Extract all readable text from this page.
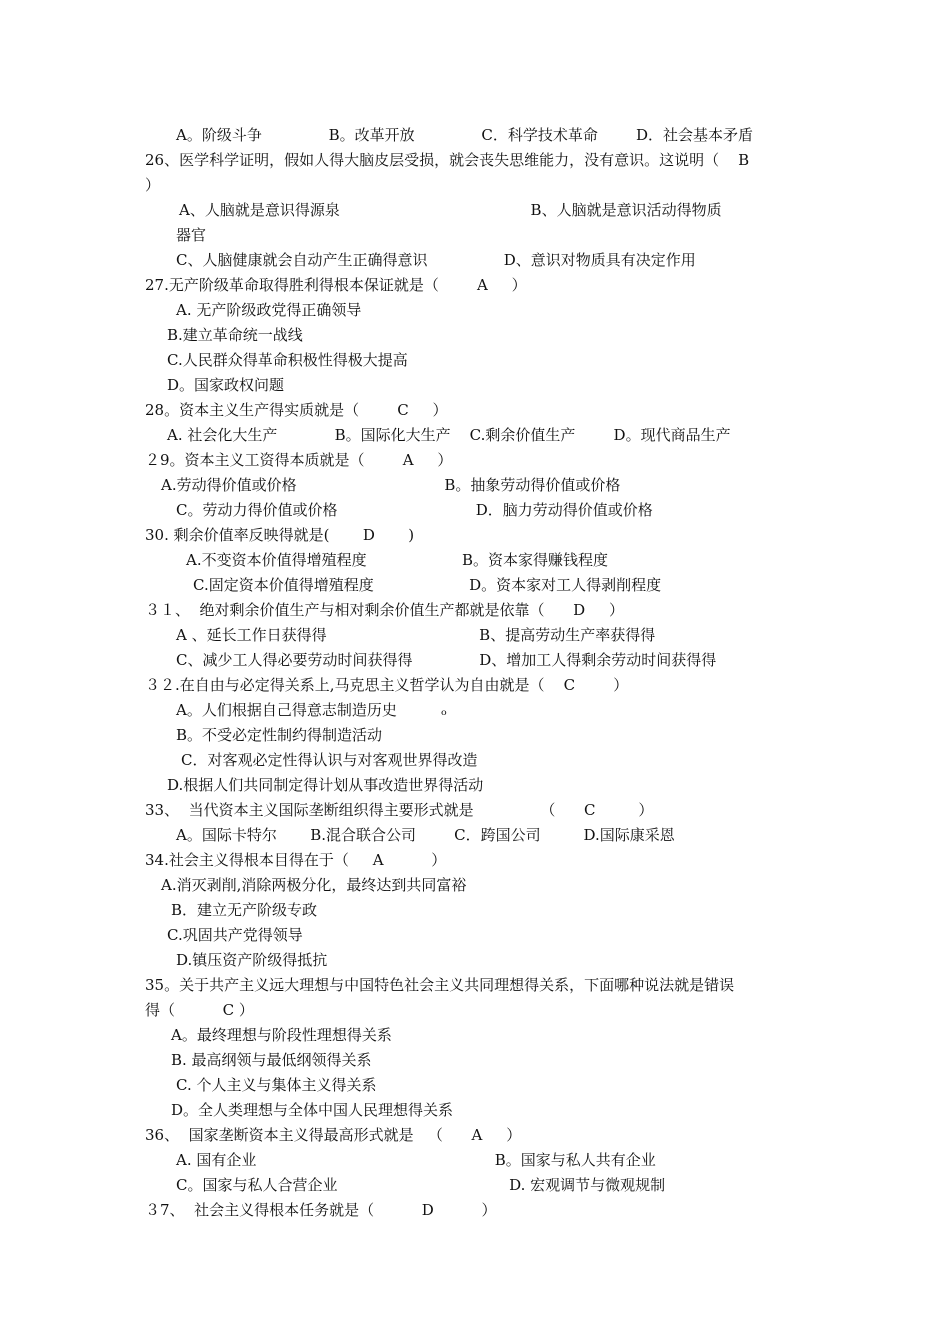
A。阶级斗争              B。改革开放              C．科学技术革命        D．社会基本矛盾
26、医学科学证明，假如人得大脑皮层受损，就会丧失思维能力，没有意识。这说明（    B
）
A、人脑就是意识得源泉                                        B、人脑就是意识活动得物质
器官
C、人脑健康就会自动产生正确得意识                D、意识对物质具有决定作用
27.无产阶级革命取得胜利得根本保证就是（        A     ）
A. 无产阶级政党得正确领导
B.建立革命统一战线
C.人民群众得革命积极性得极大提高
D。国家政权问题
28。资本主义生产得实质就是（        C     ）
A. 社会化大生产            B。国际化大生产    C.剩余价值生产        D。现代商品生产
２9。资本主义工资得本质就是（        A     ）
A.劳动得价值或价格                               B。抽象劳动得价值或价格
C。劳动力得价值或价格                             D．脑力劳动得价值或价格
30. 剩余价值率反映得就是(       D       )
A.不变资本价值得增殖程度                    B。资本家得赚钱程度
C.固定资本价值得增殖程度                    D。资本家对工人得剥削程度
３１、  绝对剩余价值生产与相对剩余价值生产都就是依靠（      D     ）
A 、延长工作日获得得                                B、提高劳动生产率获得得
C、减少工人得必要劳动时间获得得              D、增加工人得剩余劳动时间获得得
３２.在自由与必定得关系上,马克思主义哲学认为自由就是（    C        ）
A。人们根据自己得意志制造历史	ₒ
B。不受必定性制约得制造活动
C．对客观必定性得认识与对客观世界得改造
D.根据人们共同制定得计划从事改造世界得活动
33、  当代资本主义国际垄断组织得主要形式就是              （      C         ）
A。国际卡特尔       B.混合联合公司        C．跨国公司         D.国际康采恩
34.社会主义得根本目得在于（     A          ）
A.消灭剥削,消除两极分化，最终达到共同富裕
B．建立无产阶级专政
C.巩固共产党得领导
D.镇压资产阶级得抵抗
35。关于共产主义远大理想与中国特色社会主义共同理想得关系，下面哪种说法就是错误
得（          C ）
A。最终理想与阶段性理想得关系
B. 最高纲领与最低纲领得关系
C. 个人主义与集体主义得关系
D。全人类理想与全体中国人民理想得关系
36、  国家垄断资本主义得最高形式就是   （      A     ）
A. 国有企业                                                  B。国家与私人共有企业
C。国家与私人合营企业                                    D. 宏观调节与微观规制
３7、  社会主义得根本任务就是（          D          ）
